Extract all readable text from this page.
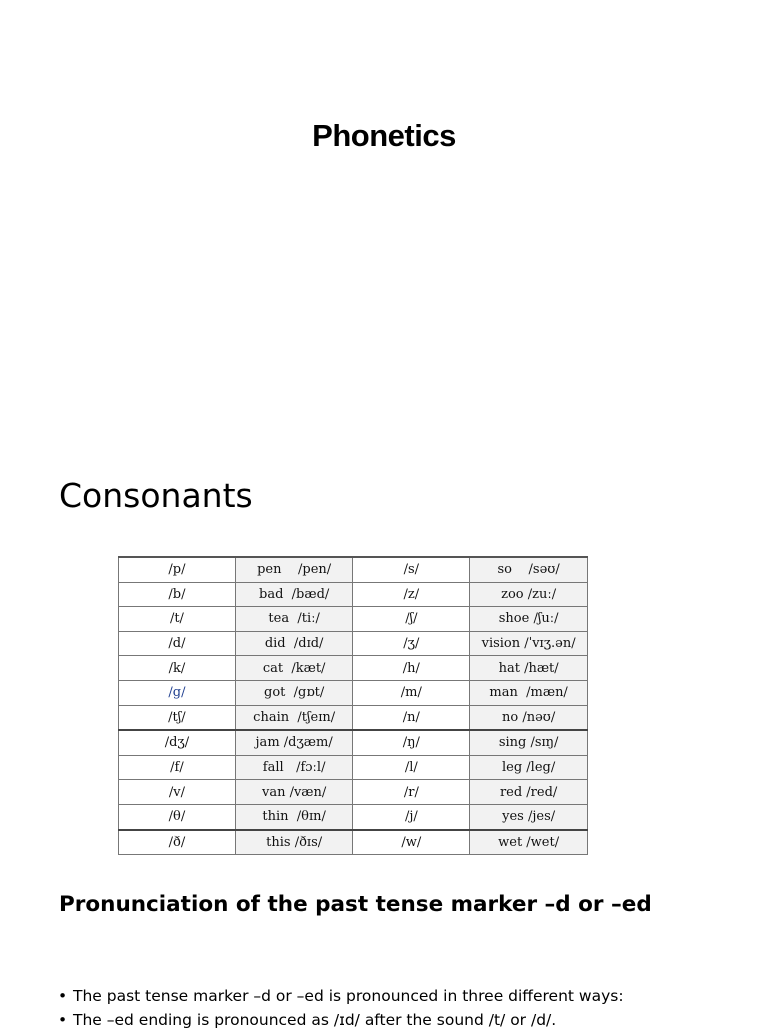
Phonetics
Consonants
/p/	pen    /pen/	/s/	so    /səʊ/
/b/	bad  /bæd/	/z/	zoo /zuː/
/t/	tea  /tiː/	/ʃ/	shoe /ʃuː/
/d/	did  /dɪd/	/ʒ/	vision /ˈvɪʒ.ən/
/k/	cat  /kæt/	/h/	hat /hæt/
/g/	got  /gɒt/	/m/	man  /mæn/
/tʃ/	chain  /tʃeɪn/	/n/	no /nəʊ/
/dʒ/	jam /dʒæm/	/ŋ/	sing /sɪŋ/
/f/	fall   /fɔːl/	/l/	leg /leg/
/v/	van /væn/	/r/	red /red/
/θ/	thin  /θɪn/	/j/	yes /jes/
/ð/	this /ðɪs/	/w/	wet /wet/
Pronunciation of the past tense marker –d or –ed
• The past tense marker –d or –ed is pronounced in three different ways:
• The –ed ending is pronounced as /ɪd/ after the sound /t/ or /d/.
